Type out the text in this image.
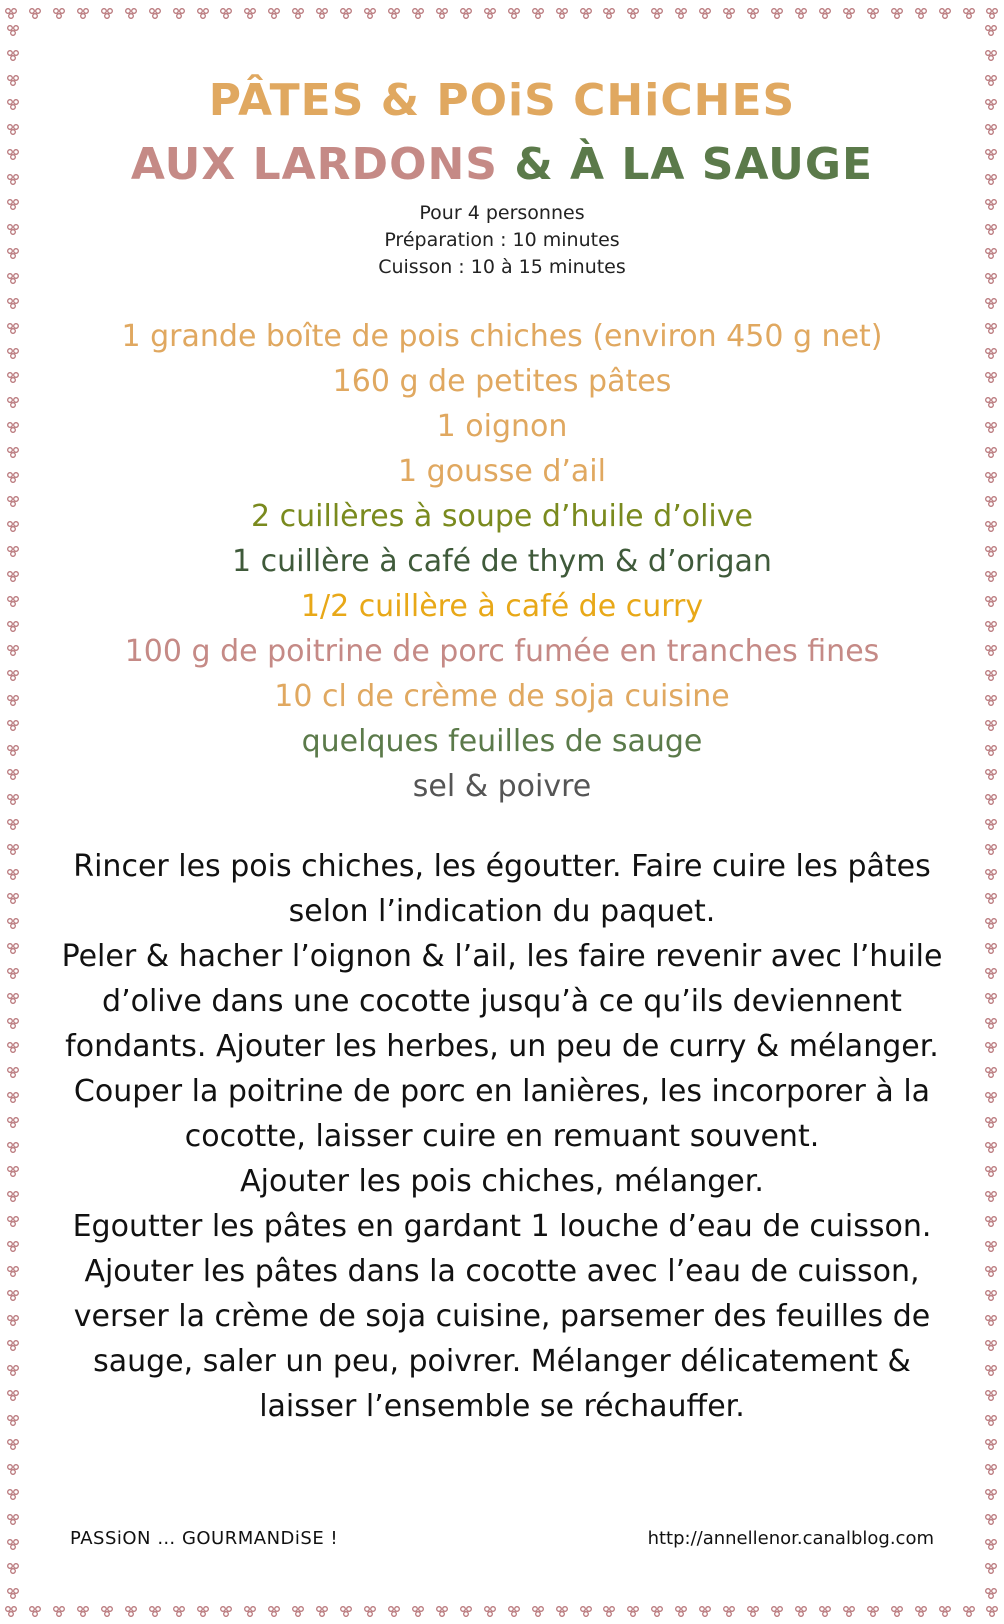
PÂTES & POiS CHiCHES
AUX LARDONS & À LA SAUGE
Pour 4 personnes
Préparation : 10 minutes
Cuisson : 10 à 15 minutes
1 grande boîte de pois chiches (environ 450 g net)
160 g de petites pâtes
1 oignon
1 gousse d’ail
2 cuillères à soupe d’huile d’olive
1 cuillère à café de thym & d’origan
1/2 cuillère à café de curry
100 g de poitrine de porc fumée en tranches fines
10 cl de crème de soja cuisine
quelques feuilles de sauge
sel & poivre

Rincer les pois chiches, les égoutter. Faire cuire les pâtes selon l’indication du paquet.

Peler & hacher l’oignon & l’ail, les faire revenir avec l’huile d’olive dans une cocotte jusqu’à ce qu’ils deviennent fondants. Ajouter les herbes, un peu de curry & mélanger.

Couper la poitrine de porc en lanières, les incorporer à la cocotte, laisser cuire en remuant souvent.

Ajouter les pois chiches, mélanger.

Egoutter les pâtes en gardant 1 louche d’eau de cuisson. Ajouter les pâtes dans la cocotte avec l’eau de cuisson, verser la crème de soja cuisine, parsemer des feuilles de sauge, saler un peu, poivrer. Mélanger délicatement & laisser l’ensemble se réchauffer.

PASSiON … GOURMANDiSE !	http://annellenor.canalblog.com
